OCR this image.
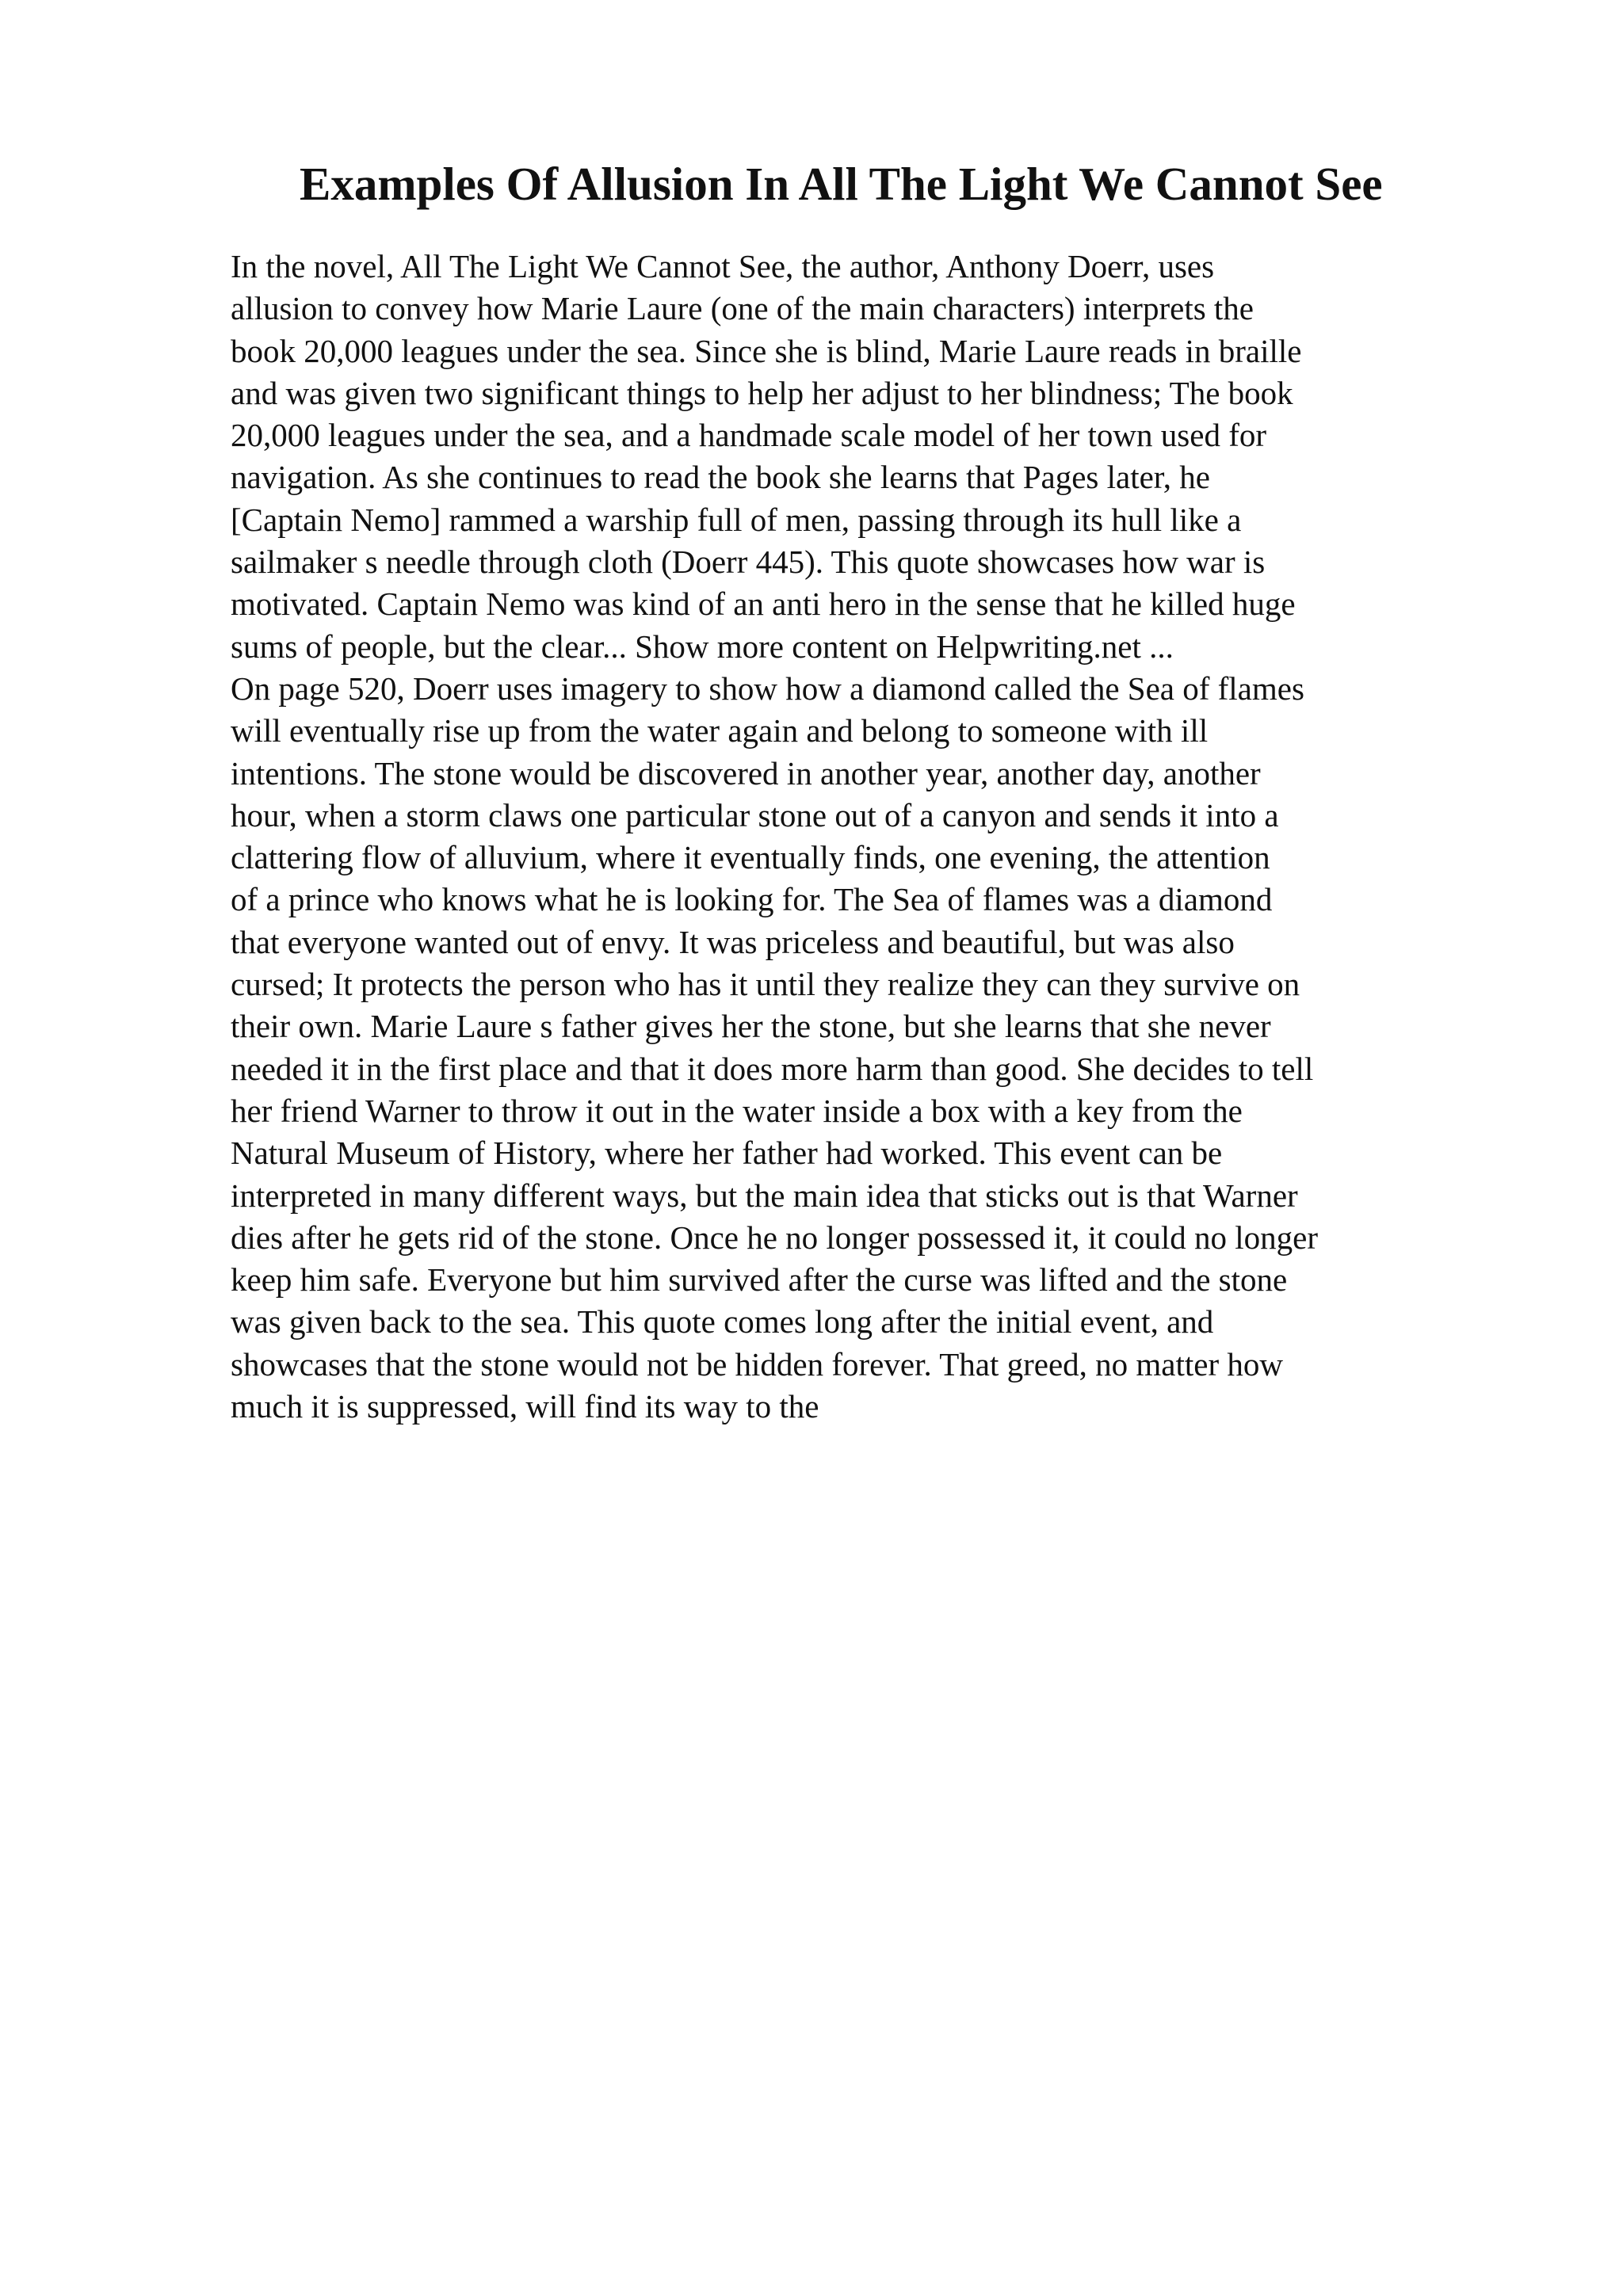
Examples Of Allusion In All The Light We Cannot See
In the novel, All The Light We Cannot See, the author, Anthony Doerr, uses
allusion to convey how Marie Laure (one of the main characters) interprets the
book 20,000 leagues under the sea. Since she is blind, Marie Laure reads in braille
and was given two significant things to help her adjust to her blindness; The book
20,000 leagues under the sea, and a handmade scale model of her town used for
navigation. As she continues to read the book she learns that Pages later, he
[Captain Nemo] rammed a warship full of men, passing through its hull like a
sailmaker s needle through cloth (Doerr 445). This quote showcases how war is
motivated. Captain Nemo was kind of an anti hero in the sense that he killed huge
sums of people, but the clear... Show more content on Helpwriting.net ...
On page 520, Doerr uses imagery to show how a diamond called the Sea of flames
will eventually rise up from the water again and belong to someone with ill
intentions. The stone would be discovered in another year, another day, another
hour, when a storm claws one particular stone out of a canyon and sends it into a
clattering flow of alluvium, where it eventually finds, one evening, the attention
of a prince who knows what he is looking for. The Sea of flames was a diamond
that everyone wanted out of envy. It was priceless and beautiful, but was also
cursed; It protects the person who has it until they realize they can they survive on
their own. Marie Laure s father gives her the stone, but she learns that she never
needed it in the first place and that it does more harm than good. She decides to tell
her friend Warner to throw it out in the water inside a box with a key from the
Natural Museum of History, where her father had worked. This event can be
interpreted in many different ways, but the main idea that sticks out is that Warner
dies after he gets rid of the stone. Once he no longer possessed it, it could no longer
keep him safe. Everyone but him survived after the curse was lifted and the stone
was given back to the sea. This quote comes long after the initial event, and
showcases that the stone would not be hidden forever. That greed, no matter how
much it is suppressed, will find its way to the
